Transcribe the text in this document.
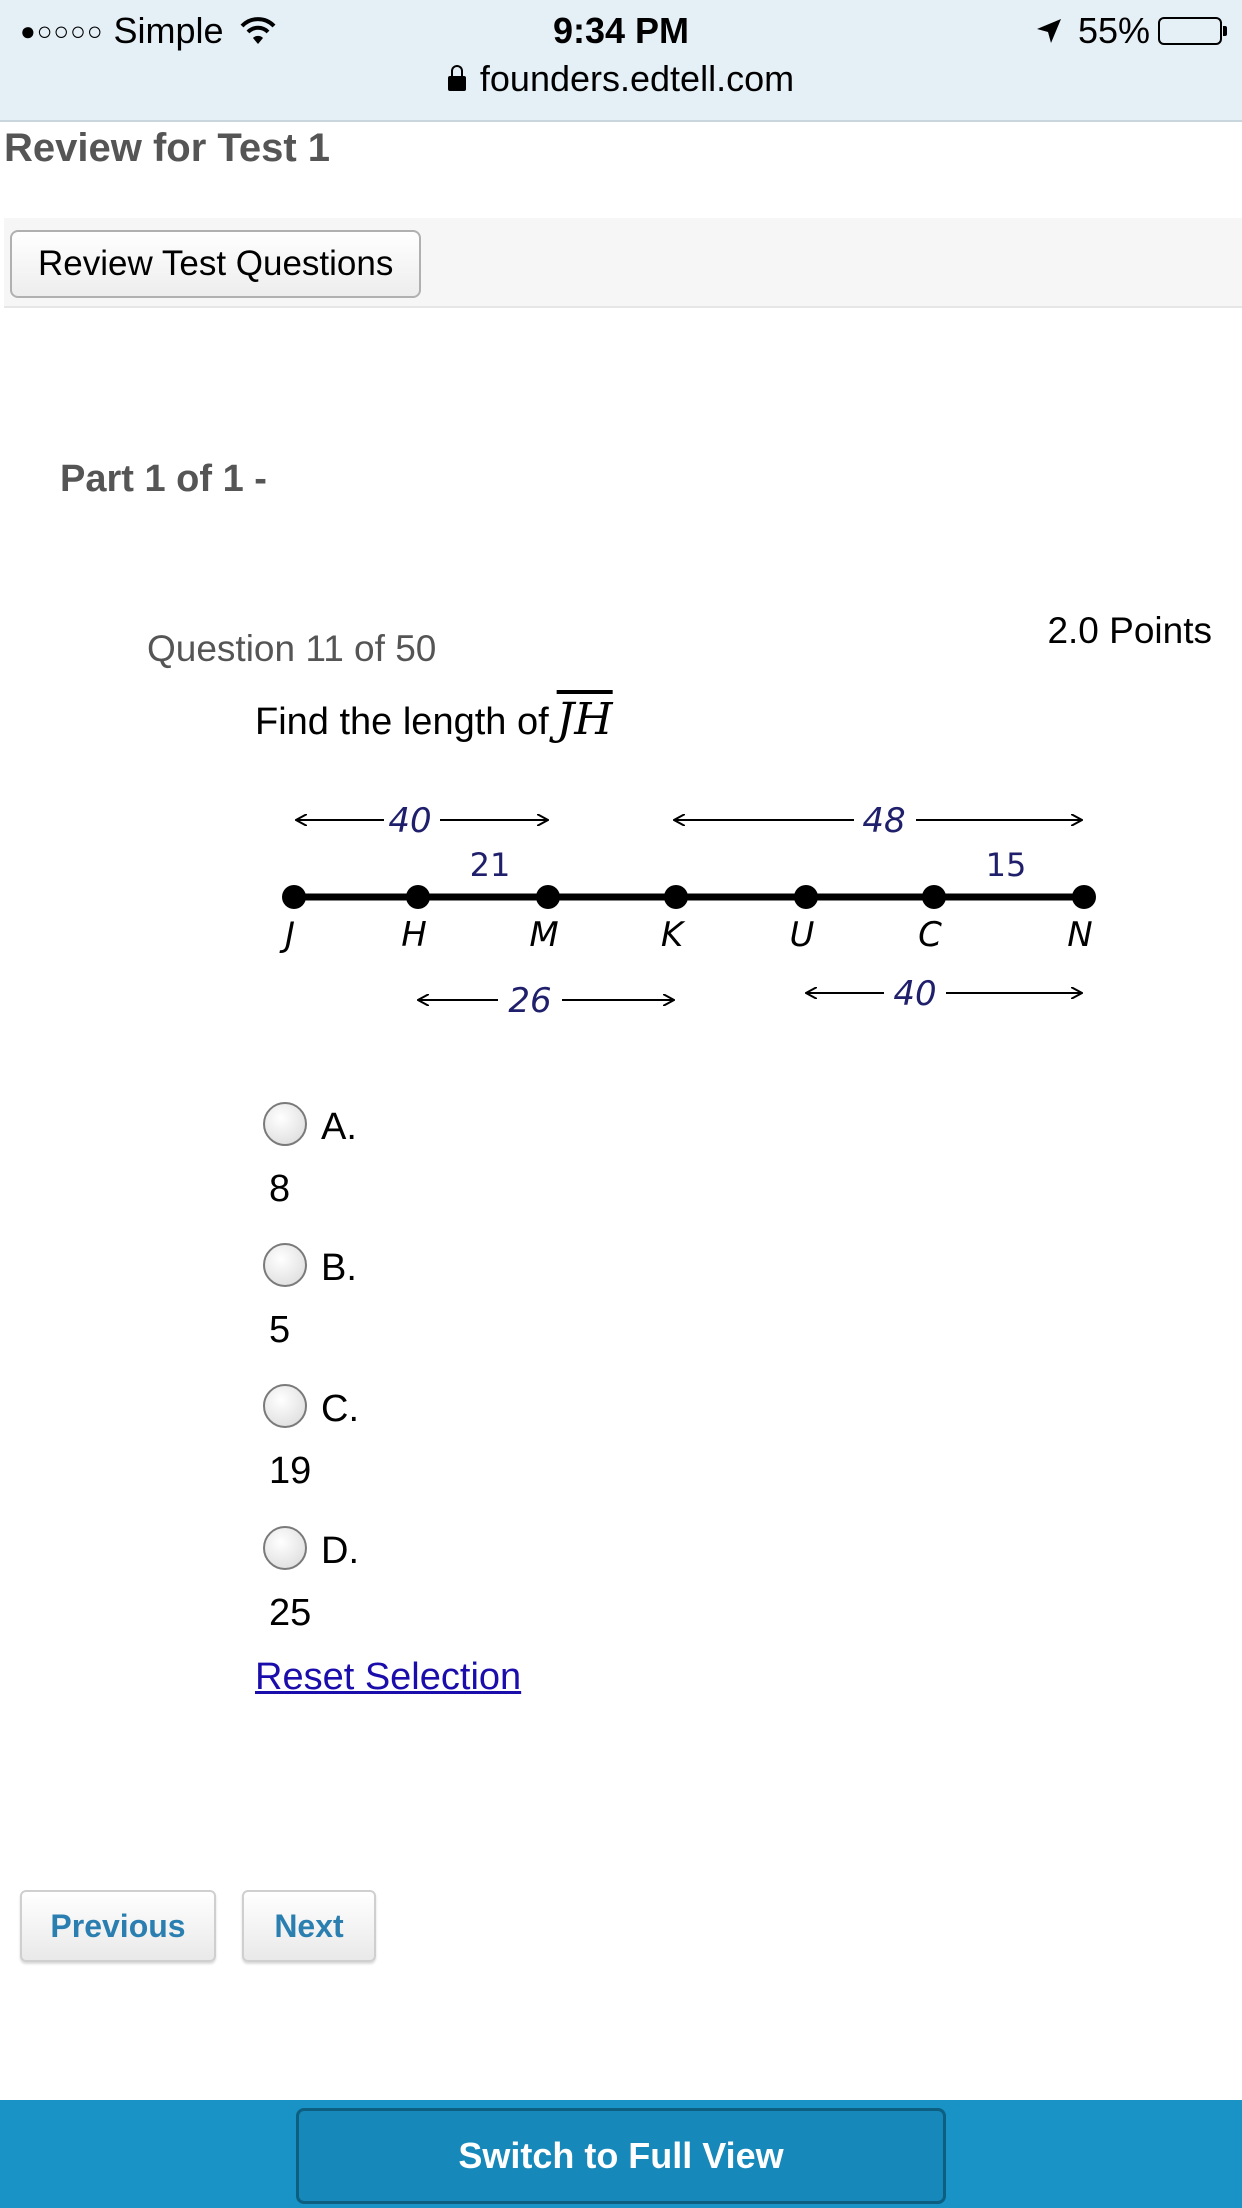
●○○○○ Simple	9:34 PM	55%
founders.edtell.com
Review for Test 1
Review Test Questions
Part 1 of 1 -
Question 11 of 50	2.0 Points
Find the length of $\overline{JH}$
40	48
21	15
J	H	M	K	U	C	N
26	40
A.
8
B.
5
C.
19
D.
25
Reset Selection
Previous	Next
Switch to Full View
